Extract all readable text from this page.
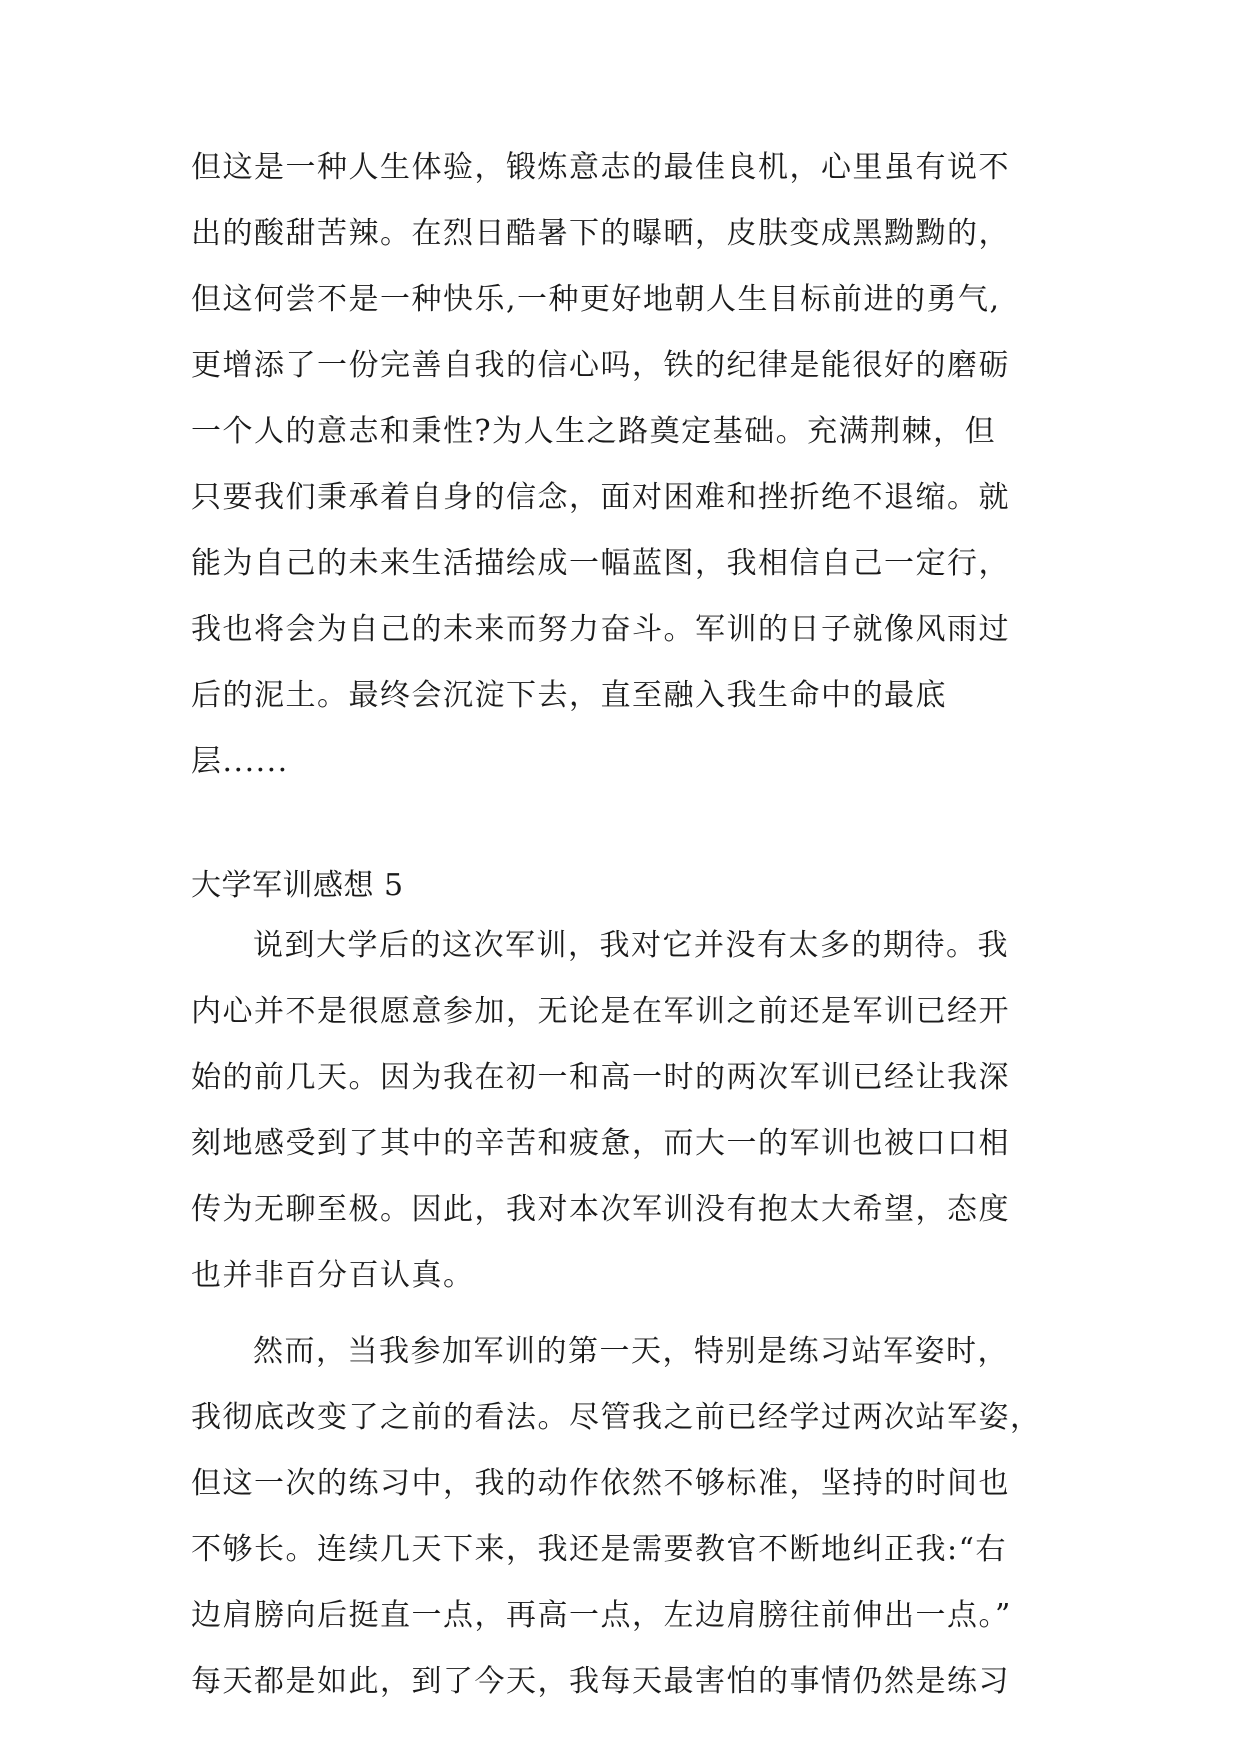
但这是一种人生体验，锻炼意志的最佳良机，心里虽有说不
出的酸甜苦辣。在烈日酷暑下的曝晒，皮肤变成黑黝黝的，
但这何尝不是一种快乐,一种更好地朝人生目标前进的勇气,
更增添了一份完善自我的信心吗，铁的纪律是能很好的磨砺
一个人的意志和秉性?为人生之路奠定基础。充满荆棘，但
只要我们秉承着自身的信念，面对困难和挫折绝不退缩。就
能为自己的未来生活描绘成一幅蓝图，我相信自己一定行，
我也将会为自己的未来而努力奋斗。军训的日子就像风雨过
后的泥土。最终会沉淀下去，直至融入我生命中的最底
层......
大学军训感想 5
说到大学后的这次军训，我对它并没有太多的期待。我
内心并不是很愿意参加，无论是在军训之前还是军训已经开
始的前几天。因为我在初一和高一时的两次军训已经让我深
刻地感受到了其中的辛苦和疲惫，而大一的军训也被口口相
传为无聊至极。因此，我对本次军训没有抱太大希望，态度
也并非百分百认真。
然而，当我参加军训的第一天，特别是练习站军姿时，
我彻底改变了之前的看法。尽管我之前已经学过两次站军姿，
但这一次的练习中，我的动作依然不够标准，坚持的时间也
不够长。连续几天下来，我还是需要教官不断地纠正我:“右
边肩膀向后挺直一点，再高一点，左边肩膀往前伸出一点。”
每天都是如此，到了今天，我每天最害怕的事情仍然是练习
